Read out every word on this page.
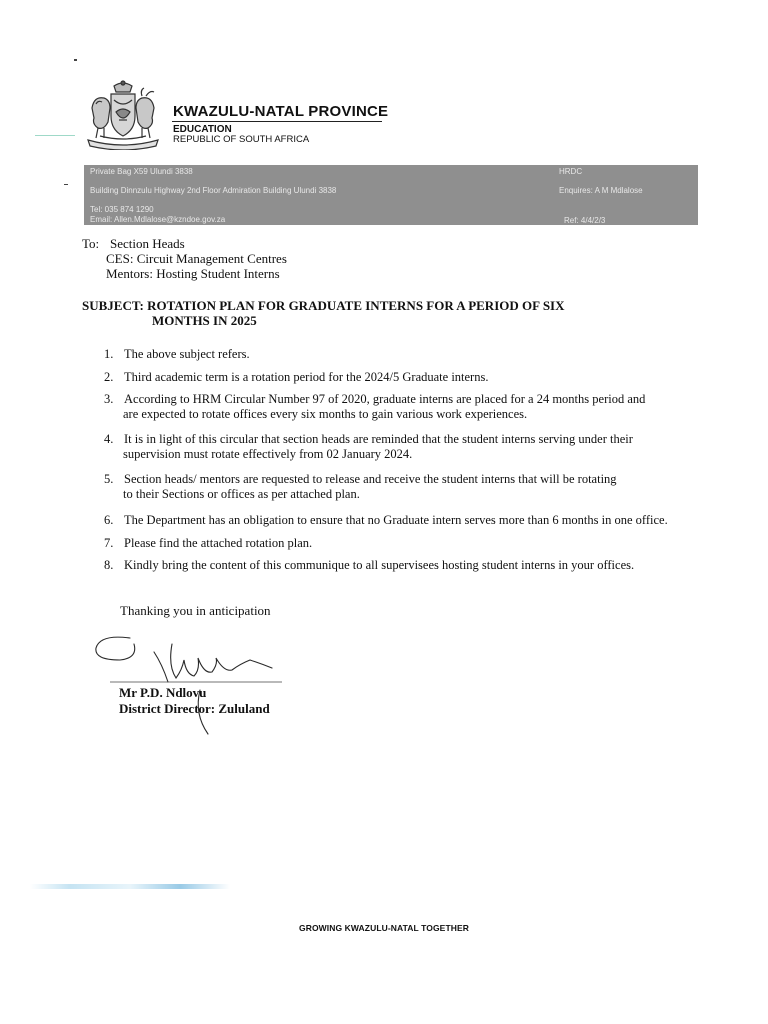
KWAZULU-NATAL PROVINCE
EDUCATION
REPUBLIC OF SOUTH AFRICA
Private Bag X59 Ulundi 3838
Building Dinnzulu Highway 2nd Floor Admiration Building Ulundi 3838
Tel: 035 874 1290
Email: Allen.Mdlalose@kzndoe.gov.za
HRDC
Enquires: A M Mdlalose
Ref: 4/4/2/3
To: Section Heads
CES: Circuit Management Centres
Mentors: Hosting Student Interns
SUBJECT: ROTATION PLAN FOR GRADUATE INTERNS FOR A PERIOD OF SIX
MONTHS IN 2025
1. The above subject refers.
2. Third academic term is a rotation period for the 2024/5 Graduate interns.
3. According to HRM Circular Number 97 of 2020, graduate interns are placed for a 24 months period and
are expected to rotate offices every six months to gain various work experiences.
4. It is in light of this circular that section heads are reminded that the student interns serving under their
supervision must rotate effectively from 02 January 2024.
5. Section heads/ mentors are requested to release and receive the student interns that will be rotating
to their Sections or offices as per attached plan.
6. The Department has an obligation to ensure that no Graduate intern serves more than 6 months in one office.
7. Please find the attached rotation plan.
8. Kindly bring the content of this communique to all supervisees hosting student interns in your offices.
Thanking you in anticipation
Mr P.D. Ndlovu
District Director: Zululand
GROWING KWAZULU-NATAL TOGETHER
